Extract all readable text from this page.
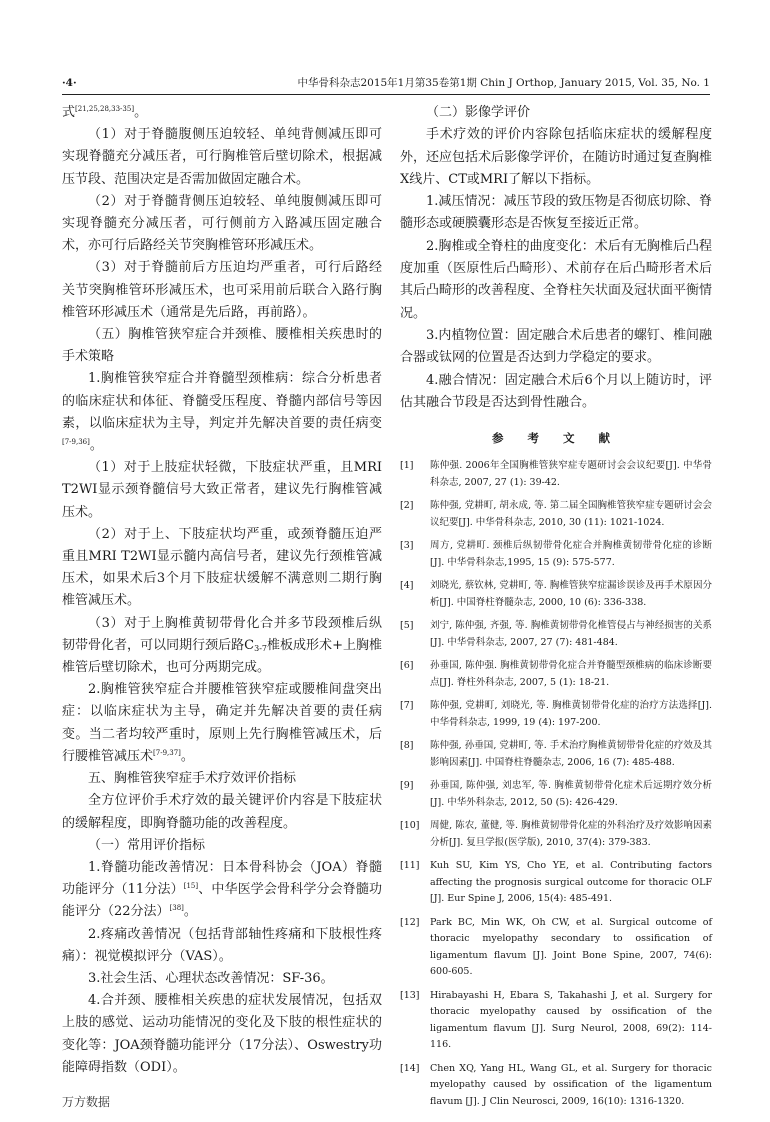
·4·	中华骨科杂志2015年1月第35卷第1期 Chin J Orthop, January 2015, Vol. 35, No. 1

式[21,25,28,33-35]。

（1）对于脊髓腹侧压迫较轻、单纯背侧减压即可实现脊髓充分减压者，可行胸椎管后壁切除术，根据减压节段、范围决定是否需加做固定融合术。

（2）对于脊髓背侧压迫较轻、单纯腹侧减压即可实现脊髓充分减压者，可行侧前方入路减压固定融合术，亦可行后路经关节突胸椎管环形减压术。

（3）对于脊髓前后方压迫均严重者，可行后路经关节突胸椎管环形减压术，也可采用前后联合入路行胸椎管环形减压术（通常是先后路，再前路）。

（五）胸椎管狭窄症合并颈椎、腰椎相关疾患时的手术策略

1.胸椎管狭窄症合并脊髓型颈椎病：综合分析患者的临床症状和体征、脊髓受压程度、脊髓内部信号等因素，以临床症状为主导，判定并先解决首要的责任病变[7-9,36]。

（1）对于上肢症状轻微，下肢症状严重，且MRI T2WI显示颈脊髓信号大致正常者，建议先行胸椎管减压术。

（2）对于上、下肢症状均严重，或颈脊髓压迫严重且MRI T2WI显示髓内高信号者，建议先行颈椎管减压术，如果术后3个月下肢症状缓解不满意则二期行胸椎管减压术。

（3）对于上胸椎黄韧带骨化合并多节段颈椎后纵韧带骨化者，可以同期行颈后路$C_{3-7}$椎板成形术+上胸椎椎管后壁切除术，也可分两期完成。

2.胸椎管狭窄症合并腰椎管狭窄症或腰椎间盘突出症：以临床症状为主导，确定并先解决首要的责任病变。当二者均较严重时，原则上先行胸椎管减压术，后行腰椎管减压术[7-9,37]。

五、胸椎管狭窄症手术疗效评价指标

全方位评价手术疗效的最关键评价内容是下肢症状的缓解程度，即胸脊髓功能的改善程度。

（一）常用评价指标

1.脊髓功能改善情况：日本骨科协会（JOA）脊髓功能评分（11分法）[15]、中华医学会骨科学分会脊髓功能评分（22分法）[38]。

2.疼痛改善情况（包括背部轴性疼痛和下肢根性疼痛）：视觉模拟评分（VAS）。

3.社会生活、心理状态改善情况：SF-36。

4.合并颈、腰椎相关疾患的症状发展情况，包括双上肢的感觉、运动功能情况的变化及下肢的根性症状的变化等：JOA颈脊髓功能评分（17分法）、Oswestry功能障碍指数（ODI）。

（二）影像学评价

手术疗效的评价内容除包括临床症状的缓解程度外，还应包括术后影像学评价，在随访时通过复查胸椎X线片、CT或MRI了解以下指标。

1.减压情况：减压节段的致压物是否彻底切除、脊髓形态或硬膜囊形态是否恢复至接近正常。

2.胸椎或全脊柱的曲度变化：术后有无胸椎后凸程度加重（医原性后凸畸形）、术前存在后凸畸形者术后其后凸畸形的改善程度、全脊柱矢状面及冠状面平衡情况。

3.内植物位置：固定融合术后患者的螺钉、椎间融合器或钛网的位置是否达到力学稳定的要求。

4.融合情况：固定融合术后6个月以上随访时，评估其融合节段是否达到骨性融合。

参 考 文 献
[1]	陈仲强. 2006年全国胸椎管狭窄症专题研讨会会议纪要[J]. 中华骨科杂志, 2007, 27 (1): 39-42.
[2]	陈仲强, 党耕町, 胡永成, 等. 第二届全国胸椎管狭窄症专题研讨会会议纪要[J]. 中华骨科杂志, 2010, 30 (11): 1021-1024.
[3]	周方, 党耕町. 颈椎后纵韧带骨化症合并胸椎黄韧带骨化症的诊断[J]. 中华骨科杂志,1995, 15 (9): 575-577.
[4]	刘晓光, 蔡钦林, 党耕町, 等. 胸椎管狭窄症漏诊误诊及再手术原因分析[J]. 中国脊柱脊髓杂志, 2000, 10 (6): 336-338.
[5]	刘宁, 陈仲强, 齐强, 等. 胸椎黄韧带骨化椎管侵占与神经损害的关系[J]. 中华骨科杂志, 2007, 27 (7): 481-484.
[6]	孙垂国, 陈仲强. 胸椎黄韧带骨化症合并脊髓型颈椎病的临床诊断要点[J]. 脊柱外科杂志, 2007, 5 (1): 18-21.
[7]	陈仲强, 党耕町, 刘晓光, 等. 胸椎黄韧带骨化症的治疗方法选择[J]. 中华骨科杂志, 1999, 19 (4): 197-200.
[8]	陈仲强, 孙垂国, 党耕町, 等. 手术治疗胸椎黄韧带骨化症的疗效及其影响因素[J]. 中国脊柱脊髓杂志, 2006, 16 (7): 485-488.
[9]	孙垂国, 陈仲强, 刘忠军, 等. 胸椎黄韧带骨化症术后远期疗效分析[J]. 中华外科杂志, 2012, 50 (5): 426-429.
[10]	周健, 陈农, 董健, 等. 胸椎黄韧带骨化症的外科治疗及疗效影响因素分析[J]. 复旦学报(医学版), 2010, 37(4): 379-383.
[11]	Kuh SU, Kim YS, Cho YE, et al. Contributing factors affecting the prognosis surgical outcome for thoracic OLF [J]. Eur Spine J, 2006, 15(4): 485-491.
[12]	Park BC, Min WK, Oh CW, et al. Surgical outcome of thoracic myelopathy secondary to ossification of ligamentum flavum [J]. Joint Bone Spine, 2007, 74(6): 600-605.
[13]	Hirabayashi H, Ebara S, Takahashi J, et al. Surgery for thoracic myelopathy caused by ossification of the ligamentum flavum [J]. Surg Neurol, 2008, 69(2): 114-116.
[14]	Chen XQ, Yang HL, Wang GL, et al. Surgery for thoracic myelopathy caused by ossification of the ligamentum flavum [J]. J Clin Neurosci, 2009, 16(10): 1316-1320.
万方数据
